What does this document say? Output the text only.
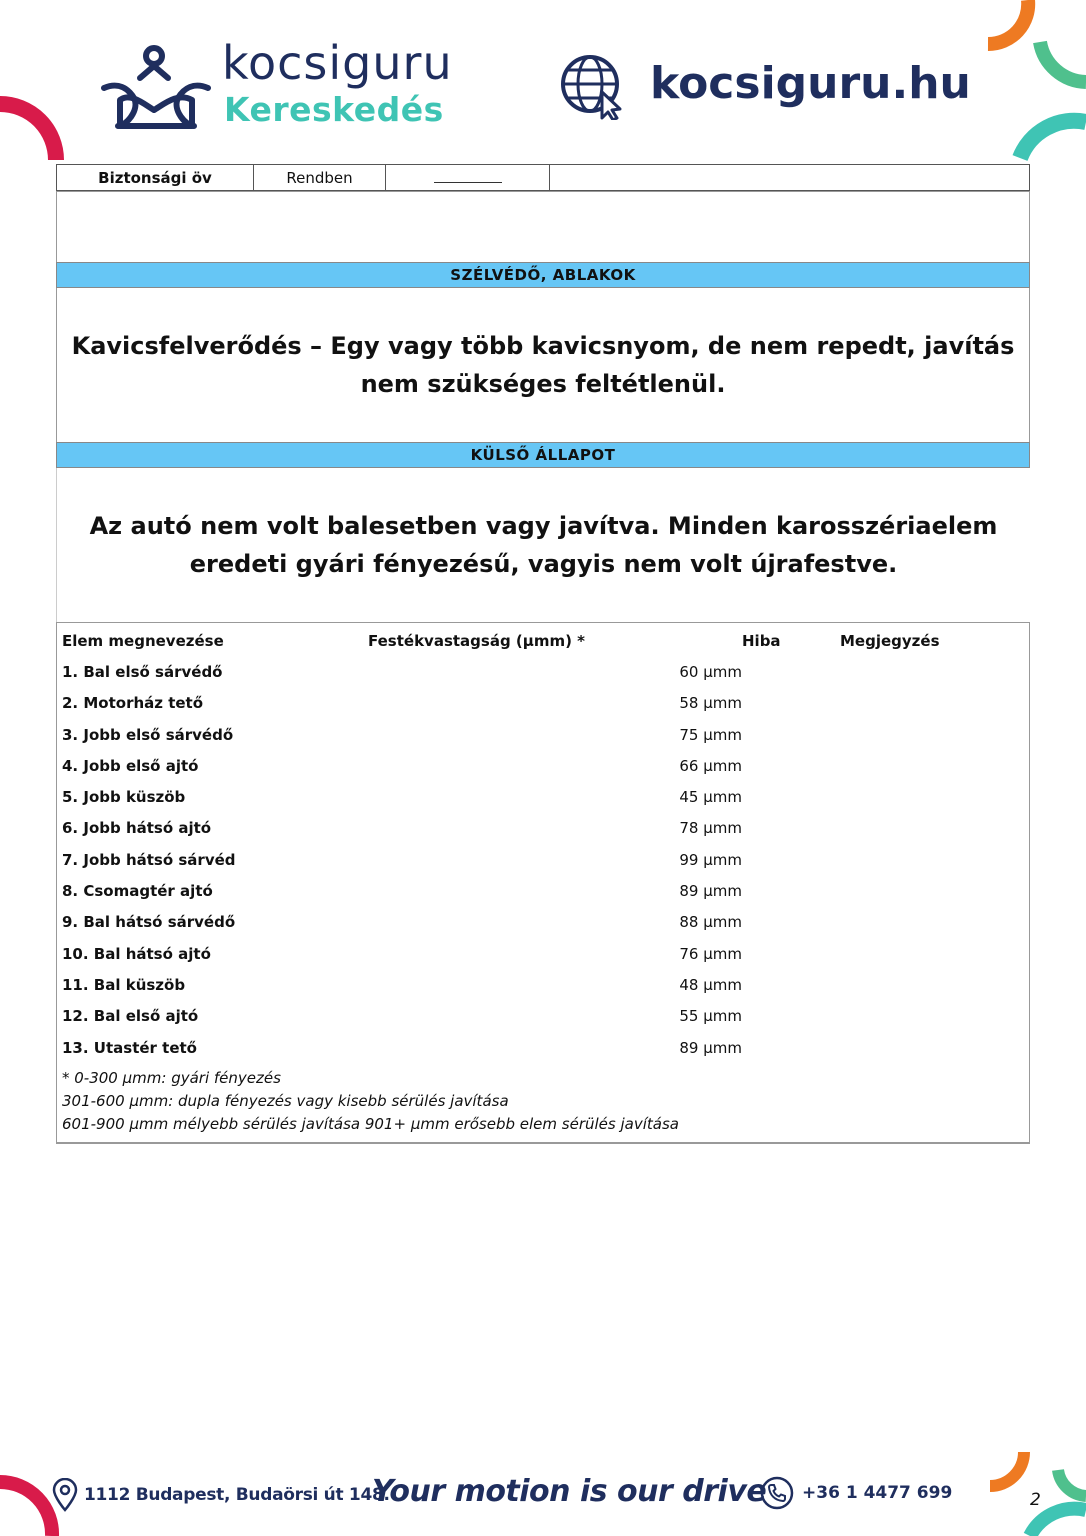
kocsiguru
Kereskedés
kocsiguru.hu
Biztonsági öv	Rendben
SZÉLVÉDŐ, ABLAKOK

Kavicsfelverődés – Egy vagy több kavicsnyom, de nem repedt, javítás nem szükséges feltétlenül.

KÜLSŐ ÁLLAPOT

Az autó nem volt balesetben vagy javítva. Minden karosszériaelem eredeti gyári fényezésű, vagyis nem volt újrafestve.

Elem megnevezése	Festékvastagság (µmm) *	Hiba	Megjegyzés
1. Bal első sárvédő	60 µmm
2. Motorház tető	58 µmm
3. Jobb első sárvédő	75 µmm
4. Jobb első ajtó	66 µmm
5. Jobb küszöb	45 µmm
6. Jobb hátsó ajtó	78 µmm
7. Jobb hátsó sárvéd	99 µmm
8. Csomagtér ajtó	89 µmm
9. Bal hátsó sárvédő	88 µmm
10. Bal hátsó ajtó	76 µmm
11. Bal küszöb	48 µmm
12. Bal első ajtó	55 µmm
13. Utastér tető	89 µmm
* 0-300 µmm: gyári fényezés
301-600 µmm: dupla fényezés vagy kisebb sérülés javítása
601-900 µmm mélyebb sérülés javítása 901+ µmm erősebb elem sérülés javítása
1112 Budapest, Budaörsi út 148.
Your motion is our drive +36 1 4477 699	2
